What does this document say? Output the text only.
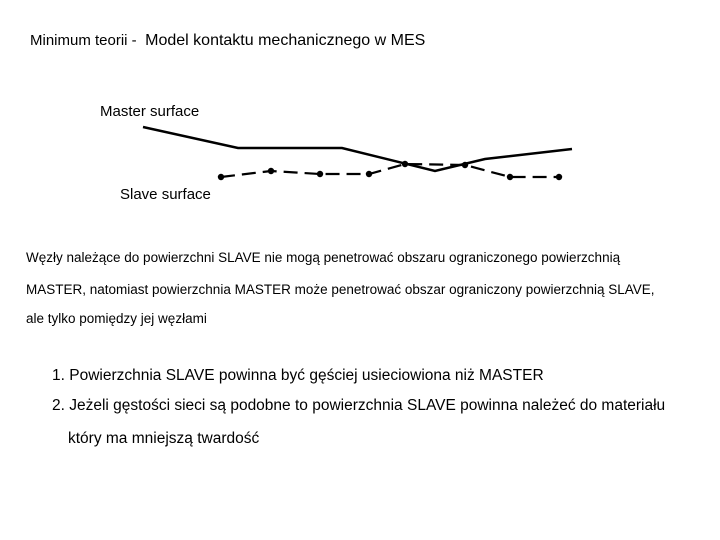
Minimum teorii - Model kontaktu mechanicznego w MES
Master surface
Slave surface
Węzły należące do powierzchni SLAVE nie mogą penetrować obszaru ograniczonego powierzchnią
MASTER, natomiast powierzchnia MASTER może penetrować obszar ograniczony powierzchnią SLAVE,
ale tylko pomiędzy jej węzłami
1. Powierzchnia SLAVE powinna być gęściej usieciowiona niż MASTER
2. Jeżeli gęstości sieci są podobne to powierzchnia SLAVE powinna należeć do materiału
który ma mniejszą twardość
